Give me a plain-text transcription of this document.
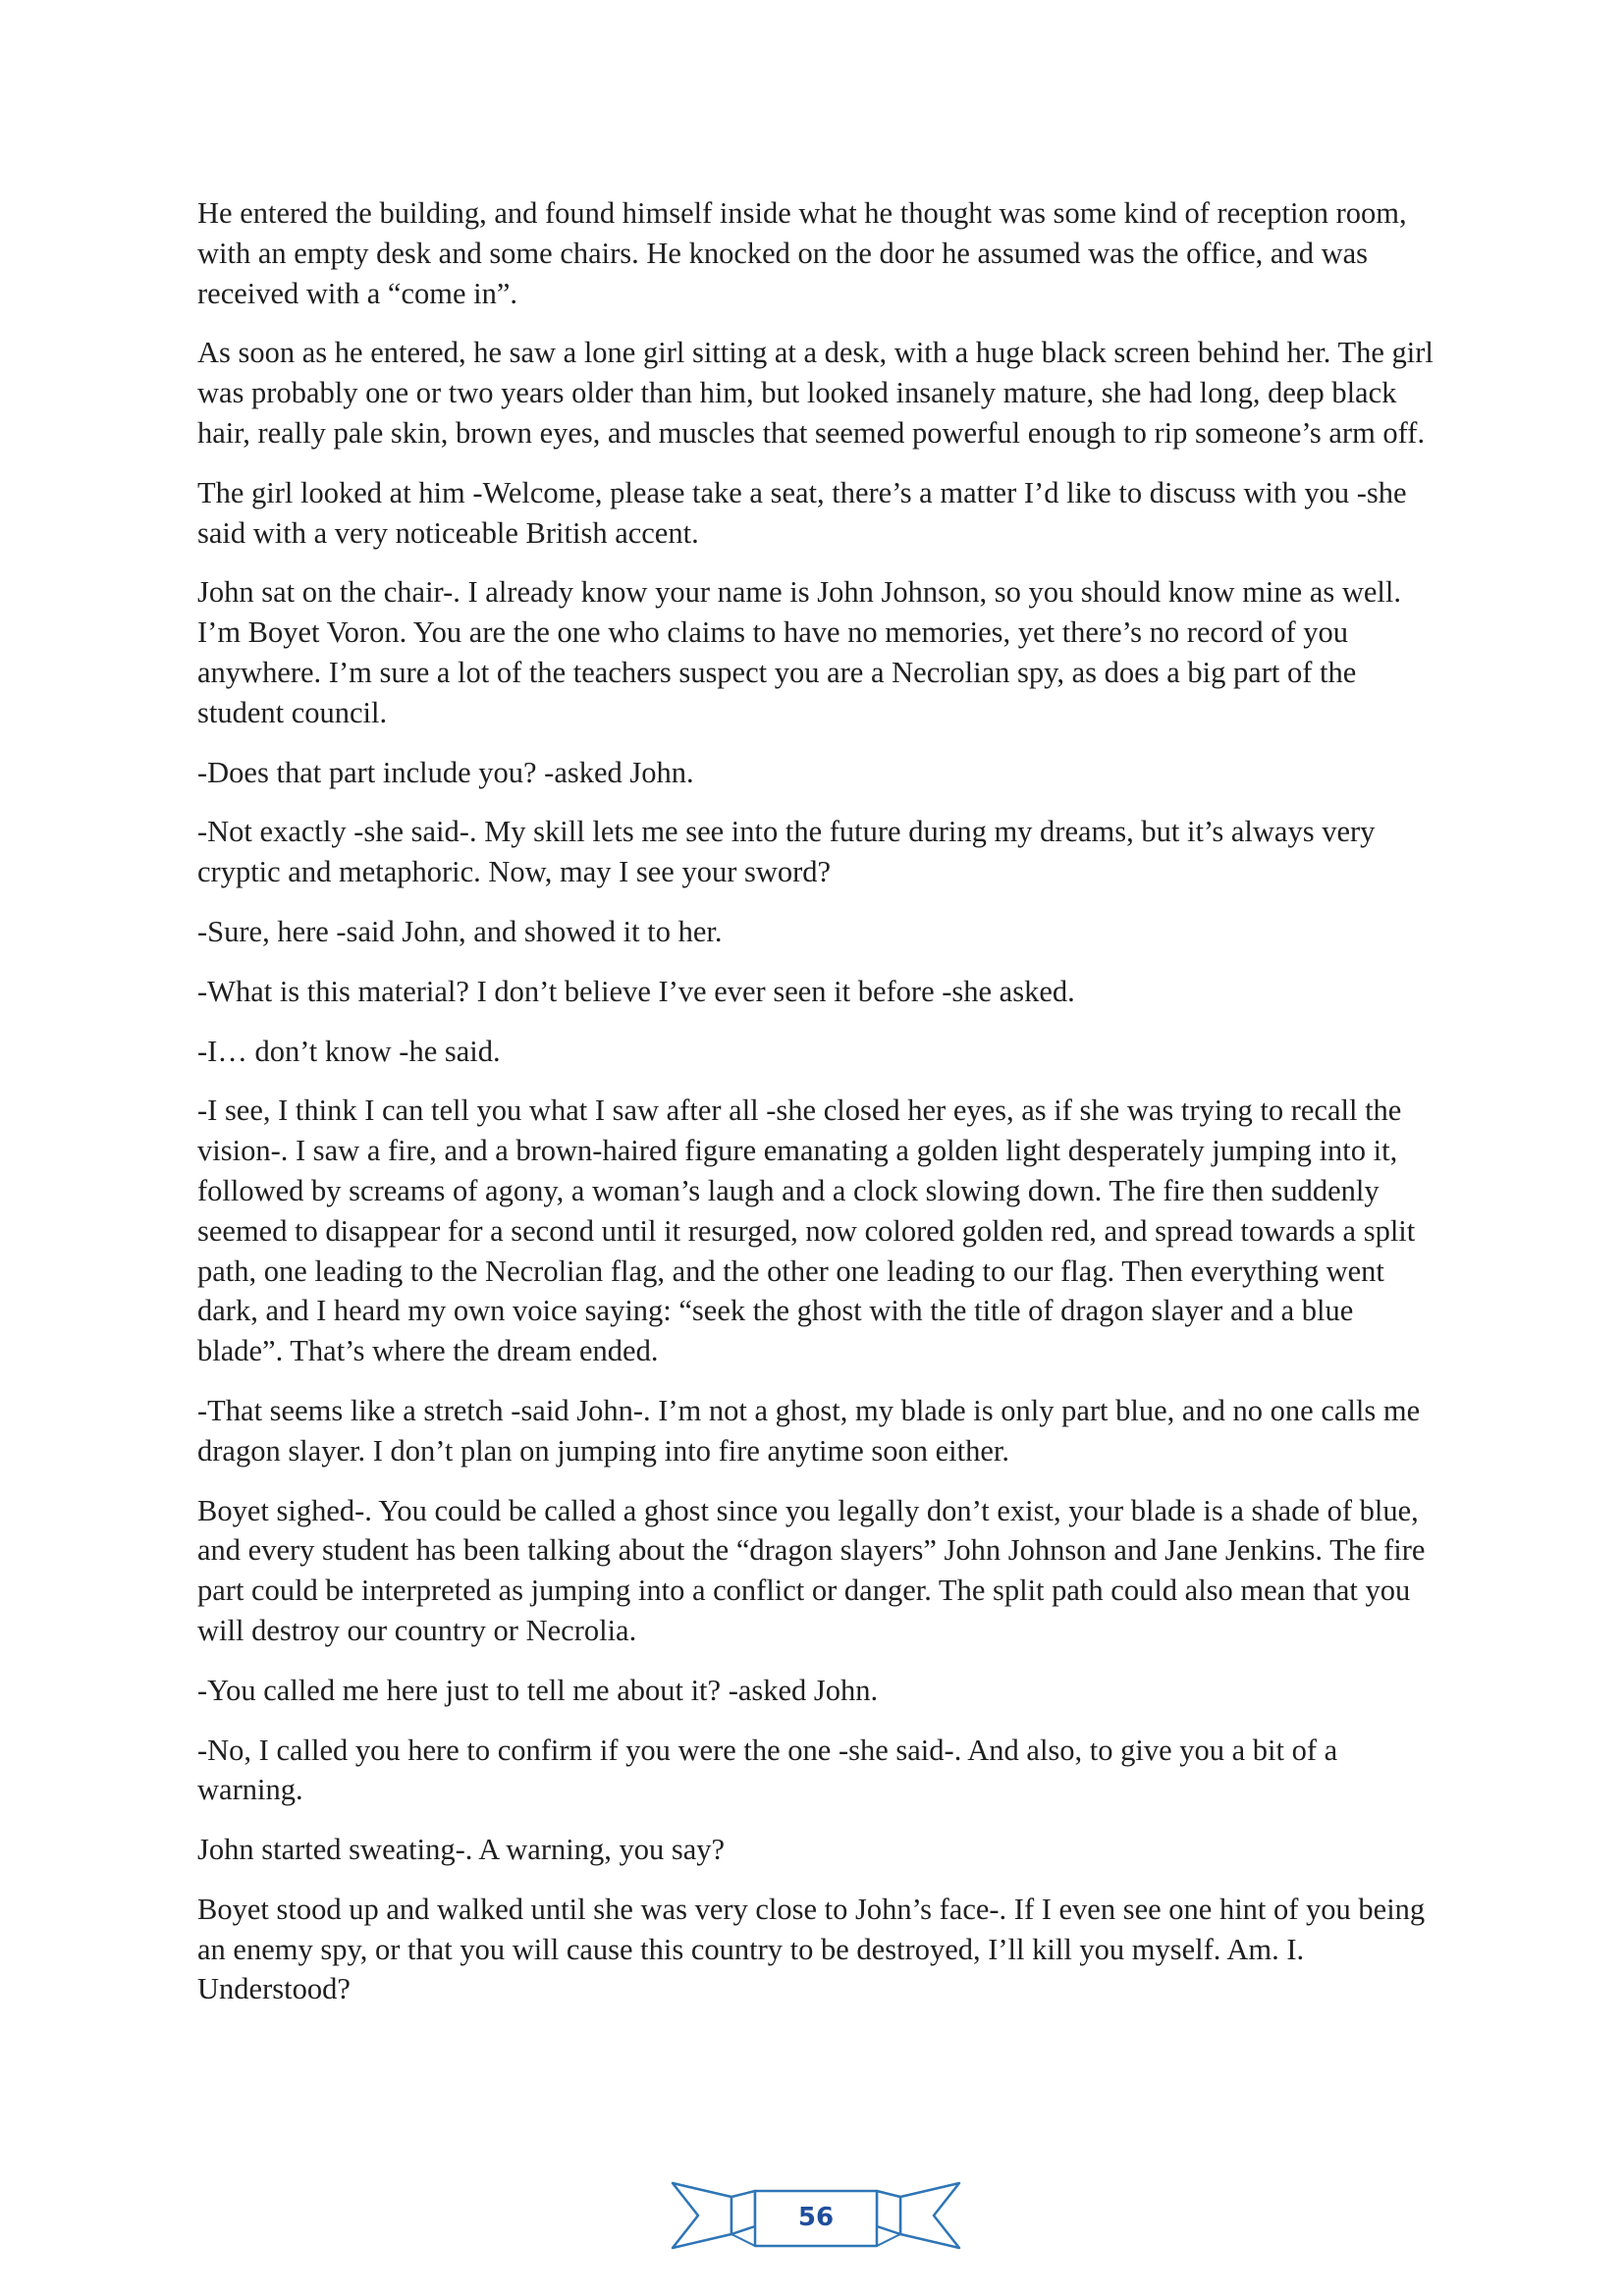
He entered the building, and found himself inside what he thought was some kind of reception room, with an empty desk and some chairs. He knocked on the door he assumed was the office, and was received with a “come in”.

As soon as he entered, he saw a lone girl sitting at a desk, with a huge black screen behind her. The girl was probably one or two years older than him, but looked insanely mature, she had long, deep black hair, really pale skin, brown eyes, and muscles that seemed powerful enough to rip someone’s arm off.

The girl looked at him -Welcome, please take a seat, there’s a matter I’d like to discuss with you -she said with a very noticeable British accent.

John sat on the chair-. I already know your name is John Johnson, so you should know mine as well. I’m Boyet Voron. You are the one who claims to have no memories, yet there’s no record of you anywhere. I’m sure a lot of the teachers suspect you are a Necrolian spy, as does a big part of the student council.

-Does that part include you? -asked John.

-Not exactly -she said-. My skill lets me see into the future during my dreams, but it’s always very cryptic and metaphoric. Now, may I see your sword?

-Sure, here -said John, and showed it to her.

-What is this material? I don’t believe I’ve ever seen it before -she asked.

-I… don’t know -he said.

-I see, I think I can tell you what I saw after all -she closed her eyes, as if she was trying to recall the vision-. I saw a fire, and a brown-haired figure emanating a golden light desperately jumping into it, followed by screams of agony, a woman’s laugh and a clock slowing down. The fire then suddenly seemed to disappear for a second until it resurged, now colored golden red, and spread towards a split path, one leading to the Necrolian flag, and the other one leading to our flag. Then everything went dark, and I heard my own voice saying: “seek the ghost with the title of dragon slayer and a blue blade”. That’s where the dream ended.

-That seems like a stretch -said John-. I’m not a ghost, my blade is only part blue, and no one calls me dragon slayer. I don’t plan on jumping into fire anytime soon either.

Boyet sighed-. You could be called a ghost since you legally don’t exist, your blade is a shade of blue, and every student has been talking about the “dragon slayers” John Johnson and Jane Jenkins. The fire part could be interpreted as jumping into a conflict or danger. The split path could also mean that you will destroy our country or Necrolia.

-You called me here just to tell me about it? -asked John.

-No, I called you here to confirm if you were the one -she said-. And also, to give you a bit of a warning.

John started sweating-. A warning, you say?

Boyet stood up and walked until she was very close to John’s face-. If I even see one hint of you being an enemy spy, or that you will cause this country to be destroyed, I’ll kill you myself. Am. I. Understood?

56
